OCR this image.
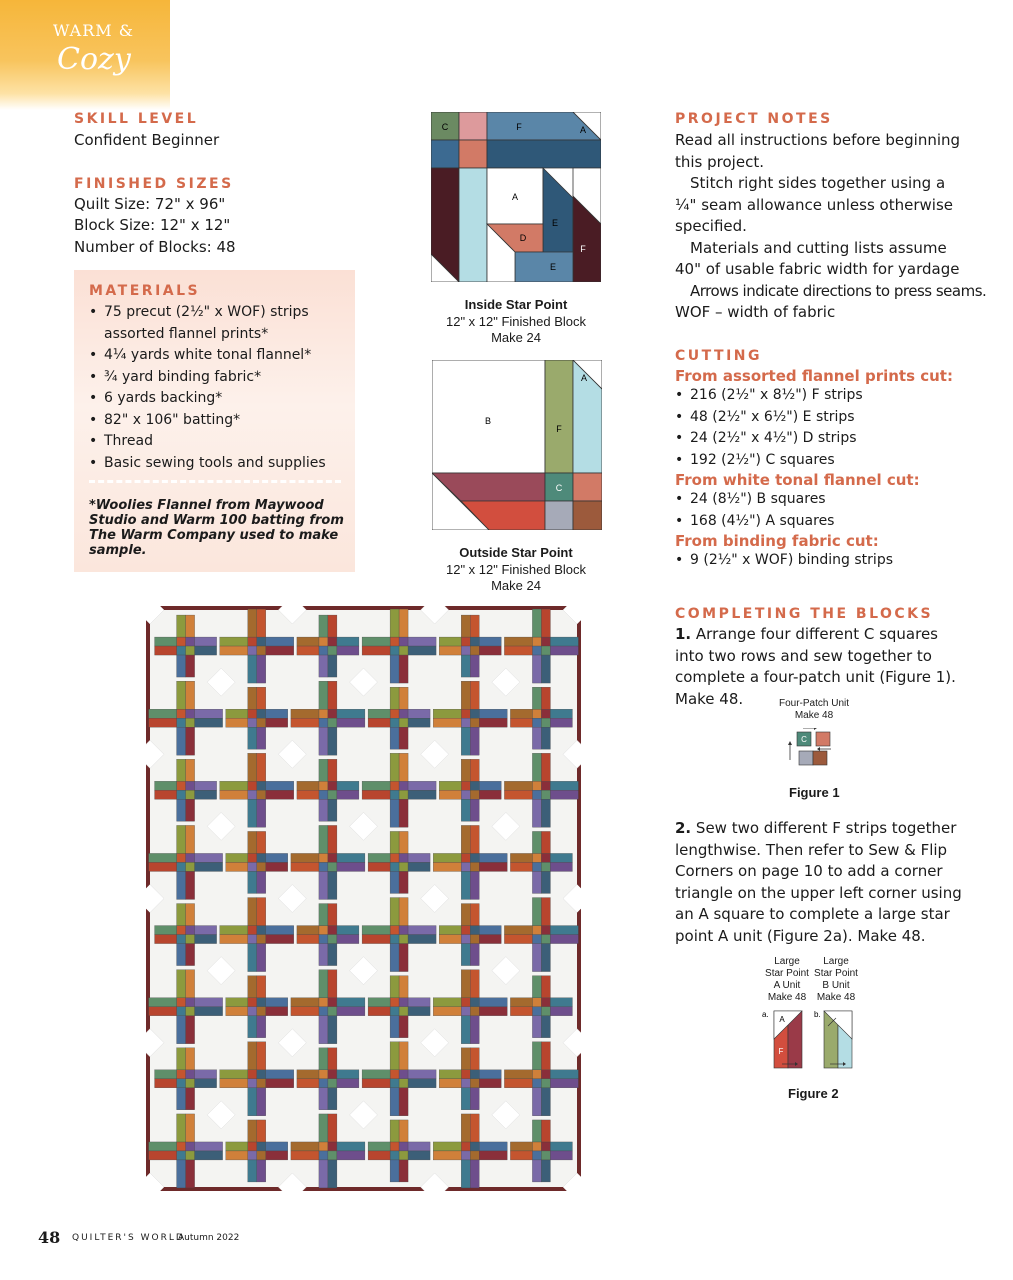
WARM &
Cozy
SKILL LEVEL
Confident Beginner
FINISHED SIZES
Quilt Size: 72" x 96"
Block Size: 12" x 12"
Number of Blocks: 48
MATERIALS
• 75 precut (2½" x WOF) strips assorted flannel prints*
• 4¼ yards white tonal flannel*
• ¾ yard binding fabric*
• 6 yards backing*
• 82" x 106" batting*
• Thread
• Basic sewing tools and supplies
*Woolies Flannel from Maywood Studio and Warm 100 batting from The Warm Company used to make sample.
C	F	A
A
E
D
E
F
Inside Star Point
12" x 12" Finished Block
Make 24
A
B
F
C
Outside Star Point
12" x 12" Finished Block
Make 24
PROJECT NOTES
Read all instructions before beginning this project.
Stitch right sides together using a ¼" seam allowance unless otherwise specified.
Materials and cutting lists assume 40" of usable fabric width for yardage
Arrows indicate directions to press seams.
WOF – width of fabric
CUTTING
From assorted flannel prints cut:
• 216 (2½" x 8½") F strips
• 48 (2½" x 6½") E strips
• 24 (2½" x 4½") D strips
• 192 (2½") C squares
From white tonal flannel cut:
• 24 (8½") B squares
• 168 (4½") A squares
From binding fabric cut:
• 9 (2½" x WOF) binding strips
COMPLETING THE BLOCKS
1. Arrange four different C squares into two rows and sew together to complete a four-patch unit (Figure 1). Make 48.	Four-Patch Unit
Make 48
C
Figure 1
2. Sew two different F strips together lengthwise. Then refer to Sew & Flip Corners on page 10 to add a corner triangle on the upper left corner using an A square to complete a large star point A unit (Figure 2a). Make 48.
Large
Star Point
A Unit
Make 48
Large
Star Point
B Unit
Make 48
a.
A
F
b.
Figure 2
48 QUILTER'S WORLD
Autumn 2022
